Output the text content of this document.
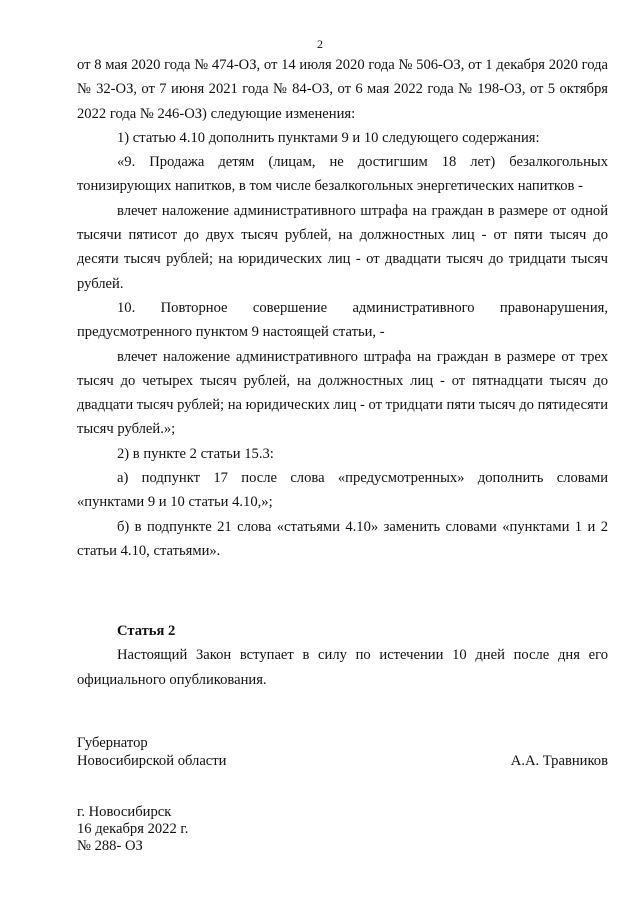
2

от 8 мая 2020 года № 474-ОЗ, от 14 июля 2020 года № 506-ОЗ, от 1 декабря 2020 года № 32-ОЗ, от 7 июня 2021 года № 84-ОЗ, от 6 мая 2022 года № 198-ОЗ, от 5 октября 2022 года № 246-ОЗ) следующие изменения:

1) статью 4.10 дополнить пунктами 9 и 10 следующего содержания:

«9. Продажа детям (лицам, не достигшим 18 лет) безалкогольных тонизирующих напитков, в том числе безалкогольных энергетических напитков -

влечет наложение административного штрафа на граждан в размере от одной тысячи пятисот до двух тысяч рублей, на должностных лиц - от пяти тысяч до десяти тысяч рублей; на юридических лиц - от двадцати тысяч до тридцати тысяч рублей.

10. Повторное совершение административного правонарушения, предусмотренного пунктом 9 настоящей статьи, -

влечет наложение административного штрафа на граждан в размере от трех тысяч до четырех тысяч рублей, на должностных лиц - от пятнадцати тысяч до двадцати тысяч рублей; на юридических лиц - от тридцати пяти тысяч до пятидесяти тысяч рублей.»;

2) в пункте 2 статьи 15.3:

а) подпункт 17 после слова «предусмотренных» дополнить словами «пунктами 9 и 10 статьи 4.10,»;

б) в подпункте 21 слова «статьями 4.10» заменить словами «пунктами 1 и 2 статьи 4.10, статьями».

Статья 2

Настоящий Закон вступает в силу по истечении 10 дней после дня его официального опубликования.

Губернатор
Новосибирской области	А.А. Травников
г. Новосибирск
16 декабря 2022 г.
№ 288- ОЗ
